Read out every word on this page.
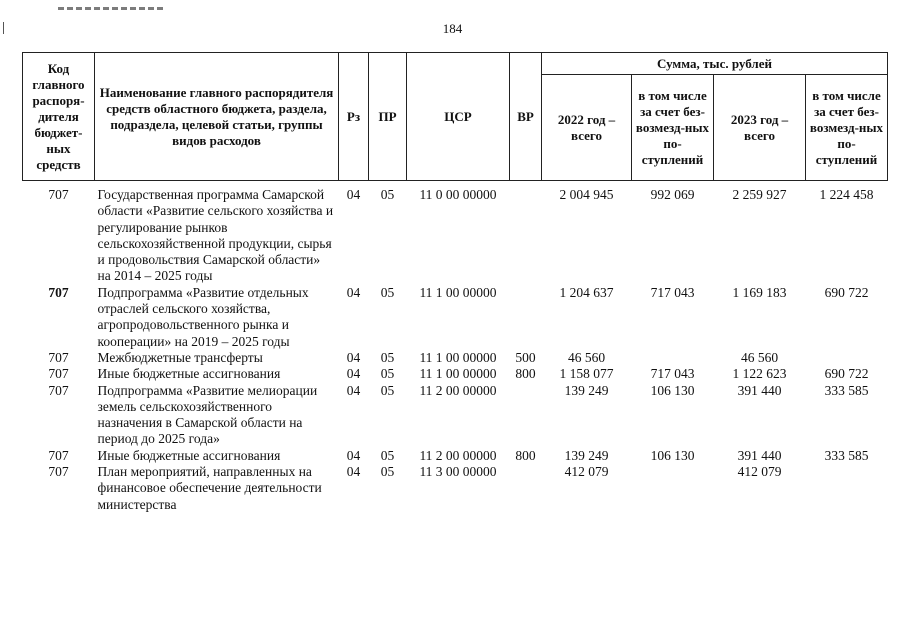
184
Код главного распоря-дителя бюджет-ных средств	Наименование главного распорядителя средств областного бюджета, раздела, подраздела, целевой статьи, группы видов расходов	Рз	ПР	ЦСР	ВР	Сумма, тыс. рублей			
						2022 год – всего	в том числе за счет без-возмезд-ных по-ступлений	2023 год – всего	в том числе за счет без-возмезд-ных по-ступлений

707	Государственная программа Самарской области «Развитие сельского хозяйства и регулирование рынков сельскохозяйственной продукции, сырья и продовольствия Самарской области» на 2014 – 2025 годы	04	05	11 0 00 00000		2 004 945	992 069	2 259 927	1 224 458
707	Подпрограмма «Развитие отдельных отраслей сельского хозяйства, агропродовольственного рынка и кооперации» на 2019 – 2025 годы	04	05	11 1 00 00000		1 204 637	717 043	1 169 183	690 722
707	Межбюджетные трансферты	04	05	11 1 00 00000	500	46 560		46 560	
707	Иные бюджетные ассигнования	04	05	11 1 00 00000	800	1 158 077	717 043	1 122 623	690 722
707	Подпрограмма «Развитие мелиорации земель сельскохозяйственного назначения в Самарской области на период до 2025 года»	04	05	11 2 00 00000		139 249	106 130	391 440	333 585
707	Иные бюджетные ассигнования	04	05	11 2 00 00000	800	139 249	106 130	391 440	333 585
707	План мероприятий, направленных на финансовое обеспечение деятельности министерства	04	05	11 3 00 00000		412 079		412 079	
